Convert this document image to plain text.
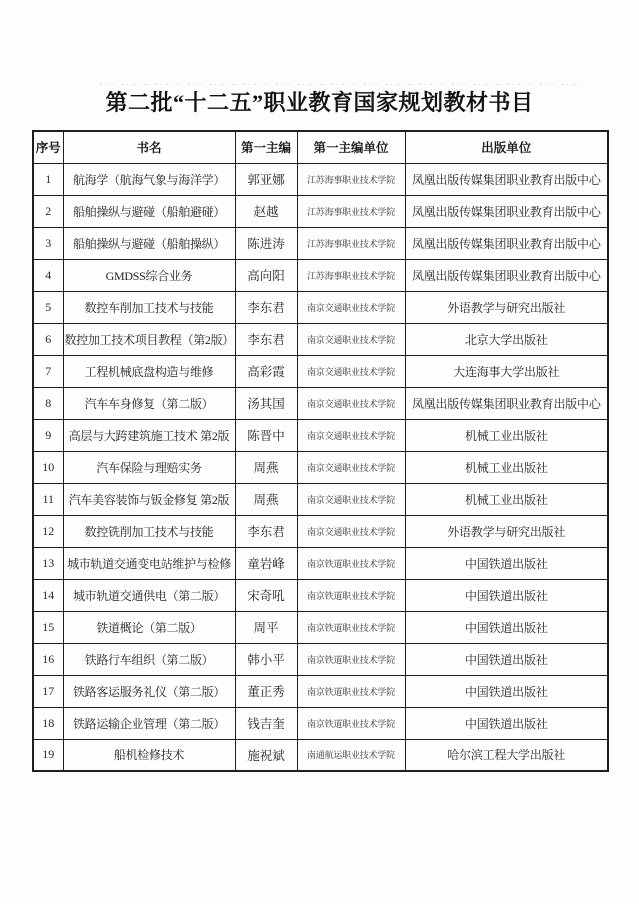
第二批“十二五”职业教育国家规划教材书目
序号	书名	第一主编	第一主编单位	出版单位
1	航海学（航海气象与海洋学）	郭亚娜	江苏海事职业技术学院	凤凰出版传媒集团职业教育出版中心
2	船舶操纵与避碰（船舶避碰）	赵越	江苏海事职业技术学院	凤凰出版传媒集团职业教育出版中心
3	船舶操纵与避碰（船舶操纵）	陈进涛	江苏海事职业技术学院	凤凰出版传媒集团职业教育出版中心
4	GMDSS综合业务	高向阳	江苏海事职业技术学院	凤凰出版传媒集团职业教育出版中心
5	数控车削加工技术与技能	李东君	南京交通职业技术学院	外语教学与研究出版社
6	数控加工技术项目教程（第2版）	李东君	南京交通职业技术学院	北京大学出版社
7	工程机械底盘构造与维修	高彩霞	南京交通职业技术学院	大连海事大学出版社
8	汽车车身修复（第二版）	汤其国	南京交通职业技术学院	凤凰出版传媒集团职业教育出版中心
9	高层与大跨建筑施工技术 第2版	陈晋中	南京交通职业技术学院	机械工业出版社
10	汽车保险与理赔实务	周燕	南京交通职业技术学院	机械工业出版社
11	汽车美容装饰与钣金修复 第2版	周燕	南京交通职业技术学院	机械工业出版社
12	数控铣削加工技术与技能	李东君	南京交通职业技术学院	外语教学与研究出版社
13	城市轨道交通变电站维护与检修	童岩峰	南京铁道职业技术学院	中国铁道出版社
14	城市轨道交通供电（第二版）	宋奇吼	南京铁道职业技术学院	中国铁道出版社
15	铁道概论（第二版）	周平	南京铁道职业技术学院	中国铁道出版社
16	铁路行车组织（第二版）	韩小平	南京铁道职业技术学院	中国铁道出版社
17	铁路客运服务礼仪（第二版）	董正秀	南京铁道职业技术学院	中国铁道出版社
18	铁路运输企业管理（第二版）	钱吉奎	南京铁道职业技术学院	中国铁道出版社
19	船机检修技术	施祝斌	南通航运职业技术学院	哈尔滨工程大学出版社
